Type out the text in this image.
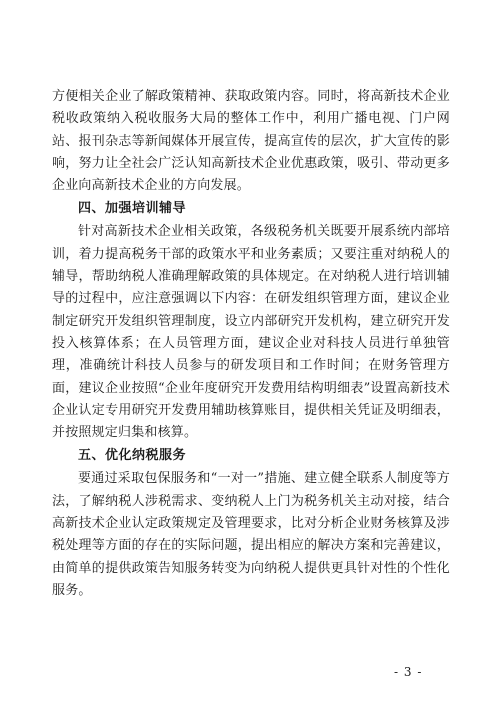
方便相关企业了解政策精神、获取政策内容。同时，将高新技术企业税收政策纳入税收服务大局的整体工作中，利用广播电视、门户网站、报刊杂志等新闻媒体开展宣传，提高宣传的层次，扩大宣传的影响，努力让全社会广泛认知高新技术企业优惠政策，吸引、带动更多企业向高新技术企业的方向发展。

四、加强培训辅导

针对高新技术企业相关政策，各级税务机关既要开展系统内部培训，着力提高税务干部的政策水平和业务素质；又要注重对纳税人的辅导，帮助纳税人准确理解政策的具体规定。在对纳税人进行培训辅导的过程中，应注意强调以下内容：在研发组织管理方面，建议企业制定研究开发组织管理制度，设立内部研究开发机构，建立研究开发投入核算体系；在人员管理方面，建议企业对科技人员进行单独管理，准确统计科技人员参与的研发项目和工作时间；在财务管理方面，建议企业按照“企业年度研究开发费用结构明细表”设置高新技术企业认定专用研究开发费用辅助核算账目，提供相关凭证及明细表，并按照规定归集和核算。

五、优化纳税服务

要通过采取包保服务和“一对一”措施、建立健全联系人制度等方法，了解纳税人涉税需求、变纳税人上门为税务机关主动对接，结合高新技术企业认定政策规定及管理要求，比对分析企业财务核算及涉税处理等方面的存在的实际问题，提出相应的解决方案和完善建议，由简单的提供政策告知服务转变为向纳税人提供更具针对性的个性化服务。

- 3 -
